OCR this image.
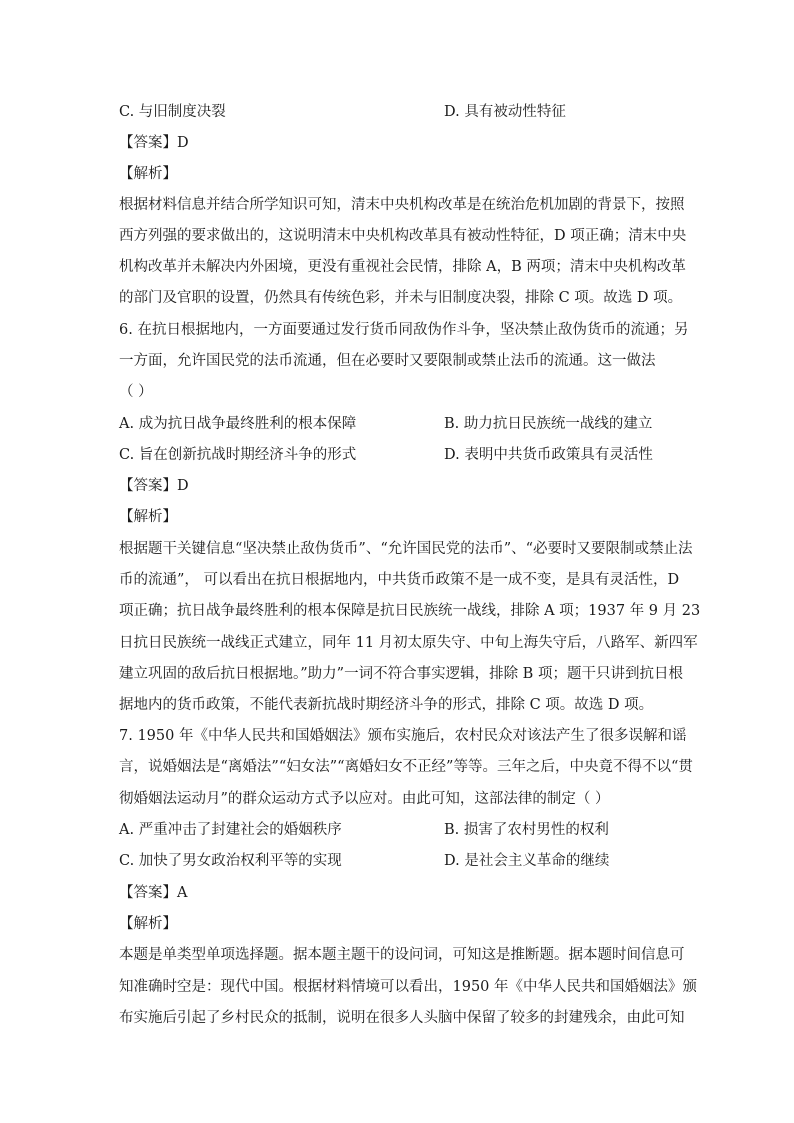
C. 与旧制度决裂	D. 具有被动性特征
【答案】D
【解析】
根据材料信息并结合所学知识可知，清末中央机构改革是在统治危机加剧的背景下，按照
西方列强的要求做出的，这说明清末中央机构改革具有被动性特征，D 项正确；清末中央
机构改革并未解决内外困境，更没有重视社会民情，排除 A，B 两项；清末中央机构改革
的部门及官职的设置，仍然具有传统色彩，并未与旧制度决裂，排除 C 项。故选 D 项。
6. 在抗日根据地内，一方面要通过发行货币同敌伪作斗争，坚决禁止敌伪货币的流通；另
一方面，允许国民党的法币流通，但在必要时又要限制或禁止法币的流通。这一做法
（ ）
A. 成为抗日战争最终胜利的根本保障	B. 助力抗日民族统一战线的建立
C. 旨在创新抗战时期经济斗争的形式	D. 表明中共货币政策具有灵活性
【答案】D
【解析】
根据题干关键信息“坚决禁止敌伪货币”、“允许国民党的法币”、“必要时又要限制或禁止法
币的流通”， 可以看出在抗日根据地内，中共货币政策不是一成不变，是具有灵活性，D
项正确；抗日战争最终胜利的根本保障是抗日民族统一战线，排除 A 项；1937 年 9 月 23
日抗日民族统一战线正式建立，同年 11 月初太原失守、中旬上海失守后，八路军、新四军
建立巩固的敌后抗日根据地。”助力”一词不符合事实逻辑，排除 B 项；题干只讲到抗日根
据地内的货币政策，不能代表新抗战时期经济斗争的形式，排除 C 项。故选 D 项。
7. 1950 年《中华人民共和国婚姻法》颁布实施后，农村民众对该法产生了很多误解和谣
言，说婚姻法是“离婚法”“妇女法”“离婚妇女不正经”等等。三年之后，中央竟不得不以“贯
彻婚姻法运动月”的群众运动方式予以应对。由此可知，这部法律的制定（ ）
A. 严重冲击了封建社会的婚姻秩序	B. 损害了农村男性的权利
C. 加快了男女政治权利平等的实现	D. 是社会主义革命的继续
【答案】A
【解析】
本题是单类型单项选择题。据本题主题干的设问词，可知这是推断题。据本题时间信息可
知准确时空是：现代中国。根据材料情境可以看出，1950 年《中华人民共和国婚姻法》颁
布实施后引起了乡村民众的抵制，说明在很多人头脑中保留了较多的封建残余，由此可知
